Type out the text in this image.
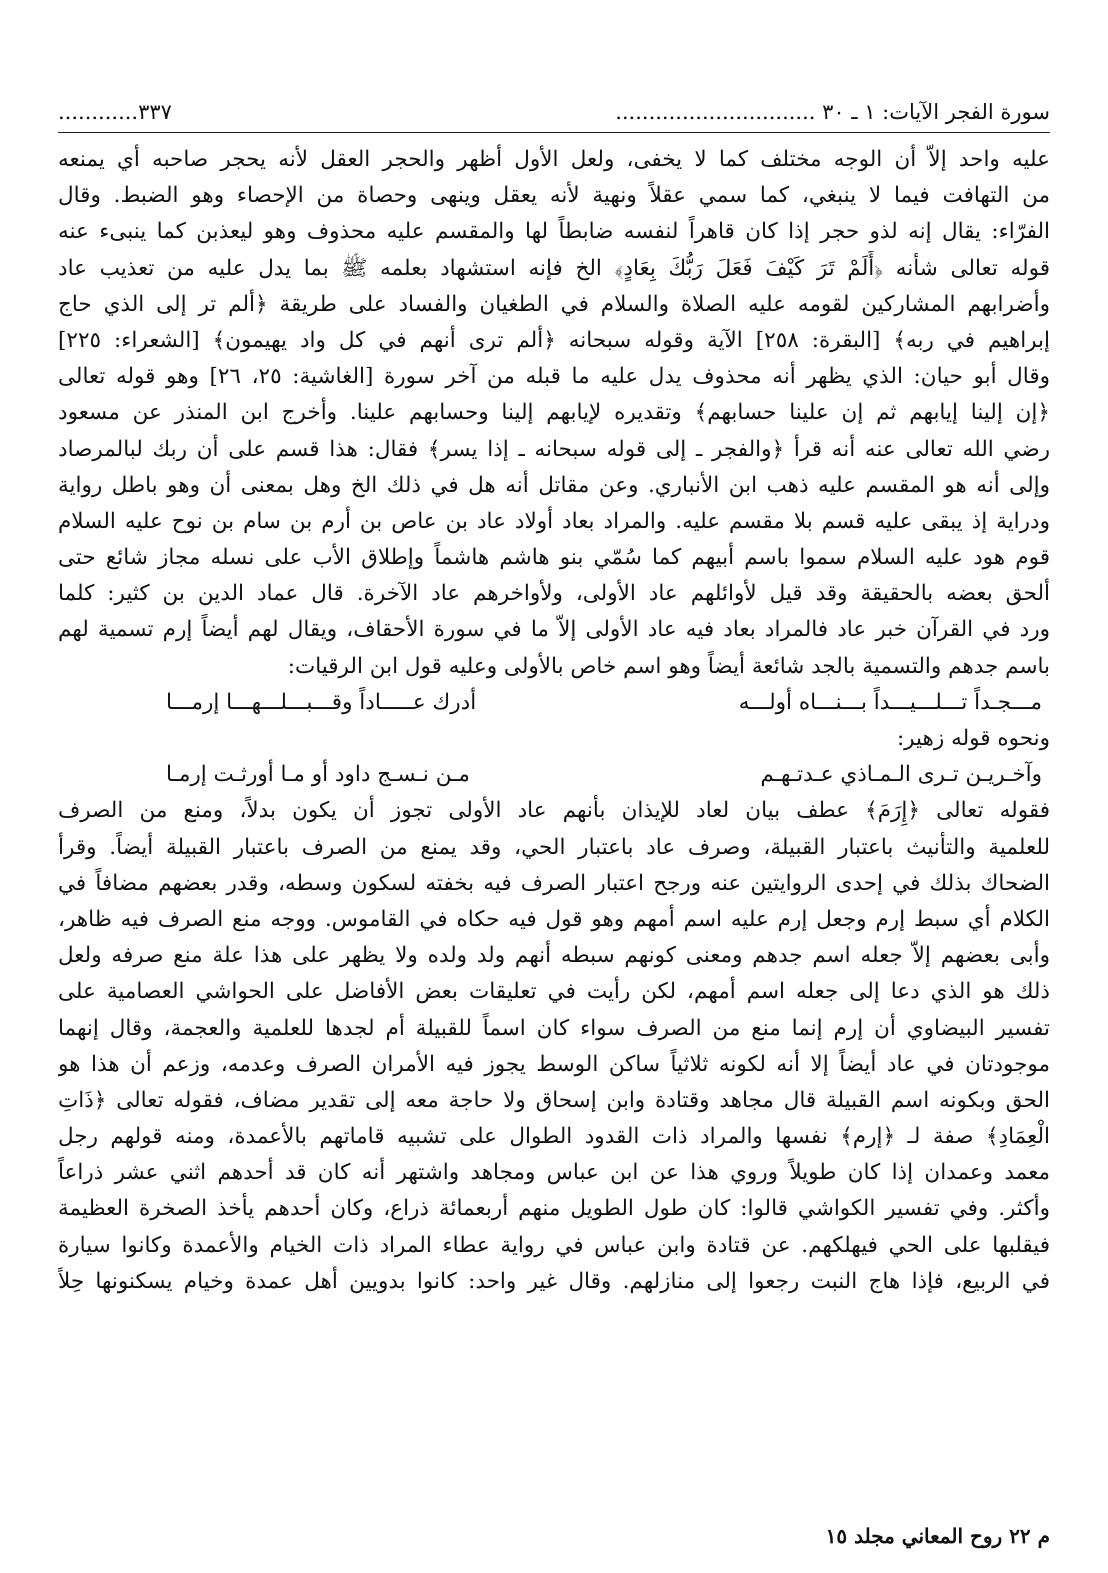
سورة الفجر الآيات: ١ ـ ٣٠ ..............................
............٣٣٧
عليه واحد إلاّ أن الوجه مختلف كما لا يخفى، ولعل الأول أظهر والحجر العقل لأنه يحجر صاحبه أي يمنعه
من التهافت فيما لا ينبغي، كما سمي عقلاً ونهية لأنه يعقل وينهى وحصاة من الإحصاء وهو الضبط. وقال
الفرّاء: يقال إنه لذو حجر إذا كان قاهراً لنفسه ضابطاً لها والمقسم عليه محذوف وهو ليعذبن كما ينبىء عنه
قوله تعالى شأنه ﴿أَلَمْ تَرَ كَيْفَ فَعَلَ رَبُّكَ بِعَادٍ﴾ الخ فإنه استشهاد بعلمه ﷺ بما يدل عليه من تعذيب عاد
وأضرابهم المشاركين لقومه عليه الصلاة والسلام في الطغيان والفساد على طريقة ﴿ألم تر إلى الذي حاج
إبراهيم في ربه﴾ [البقرة: ٢٥٨] الآية وقوله سبحانه ﴿ألم ترى أنهم في كل واد يهيمون﴾ [الشعراء: ٢٢٥]
وقال أبو حيان: الذي يظهر أنه محذوف يدل عليه ما قبله من آخر سورة [الغاشية: ٢٥، ٢٦] وهو قوله تعالى
﴿إن إلينا إيابهم ثم إن علينا حسابهم﴾ وتقديره لإيابهم إلينا وحسابهم علينا. وأخرج ابن المنذر عن مسعود
رضي الله تعالى عنه أنه قرأ ﴿والفجر ـ إلى قوله سبحانه ـ إذا يسر﴾ فقال: هذا قسم على أن ربك لبالمرصاد
وإلى أنه هو المقسم عليه ذهب ابن الأنباري. وعن مقاتل أنه هل في ذلك الخ وهل بمعنى أن وهو باطل رواية
ودراية إذ يبقى عليه قسم بلا مقسم عليه. والمراد بعاد أولاد عاد بن عاص بن أرم بن سام بن نوح عليه السلام
قوم هود عليه السلام سموا باسم أبيهم كما سُمّي بنو هاشم هاشماً وإطلاق الأب على نسله مجاز شائع حتى
ألحق بعضه بالحقيقة وقد قيل لأوائلهم عاد الأولى، ولأواخرهم عاد الآخرة. قال عماد الدين بن كثير: كلما
ورد في القرآن خبر عاد فالمراد بعاد فيه عاد الأولى إلاّ ما في سورة الأحقاف، ويقال لهم أيضاً إرم تسمية لهم
باسم جدهم والتسمية بالجد شائعة أيضاً وهو اسم خاص بالأولى وعليه قول ابن الرقيات:
مـــجـداً تـــلـــيـــداً بـــنـــاه أولـــه
أدرك عـــــاداً وقـــبـــلـــهـــا إرمـــا
ونحوه قوله زهير:
وآخـريـن تـرى الـمـاذي عـدتـهـم
مـن نـسـج داود أو مـا أورثـت إرمـا
فقوله تعالى ﴿إِرَمَ﴾ عطف بيان لعاد للإيذان بأنهم عاد الأولى تجوز أن يكون بدلاً، ومنع من الصرف
للعلمية والتأنيث باعتبار القبيلة، وصرف عاد باعتبار الحي، وقد يمنع من الصرف باعتبار القبيلة أيضاً. وقرأ
الضحاك بذلك في إحدى الروايتين عنه ورجح اعتبار الصرف فيه بخفته لسكون وسطه، وقدر بعضهم مضافاً في
الكلام أي سبط إرم وجعل إرم عليه اسم أمهم وهو قول فيه حكاه في القاموس. ووجه منع الصرف فيه ظاهر،
وأبى بعضهم إلاّ جعله اسم جدهم ومعنى كونهم سبطه أنهم ولد ولده ولا يظهر على هذا علة منع صرفه ولعل
ذلك هو الذي دعا إلى جعله اسم أمهم، لكن رأيت في تعليقات بعض الأفاضل على الحواشي العصامية على
تفسير البيضاوي أن إرم إنما منع من الصرف سواء كان اسماً للقبيلة أم لجدها للعلمية والعجمة، وقال إنهما
موجودتان في عاد أيضاً إلا أنه لكونه ثلاثياً ساكن الوسط يجوز فيه الأمران الصرف وعدمه، وزعم أن هذا هو
الحق وبكونه اسم القبيلة قال مجاهد وقتادة وابن إسحاق ولا حاجة معه إلى تقدير مضاف، فقوله تعالى ﴿ذَاتِ
الْعِمَادِ﴾ صفة لـ ﴿إرم﴾ نفسها والمراد ذات القدود الطوال على تشبيه قاماتهم بالأعمدة، ومنه قولهم رجل
معمد وعمدان إذا كان طويلاً وروي هذا عن ابن عباس ومجاهد واشتهر أنه كان قد أحدهم اثني عشر ذراعاً
وأكثر. وفي تفسير الكواشي قالوا: كان طول الطويل منهم أربعمائة ذراع، وكان أحدهم يأخذ الصخرة العظيمة
فيقلبها على الحي فيهلكهم. عن قتادة وابن عباس في رواية عطاء المراد ذات الخيام والأعمدة وكانوا سيارة
في الربيع، فإذا هاج النبت رجعوا إلى منازلهم. وقال غير واحد: كانوا بدويين أهل عمدة وخيام يسكنونها حِلاً
م ٢٢ روح المعاني مجلد ١٥
